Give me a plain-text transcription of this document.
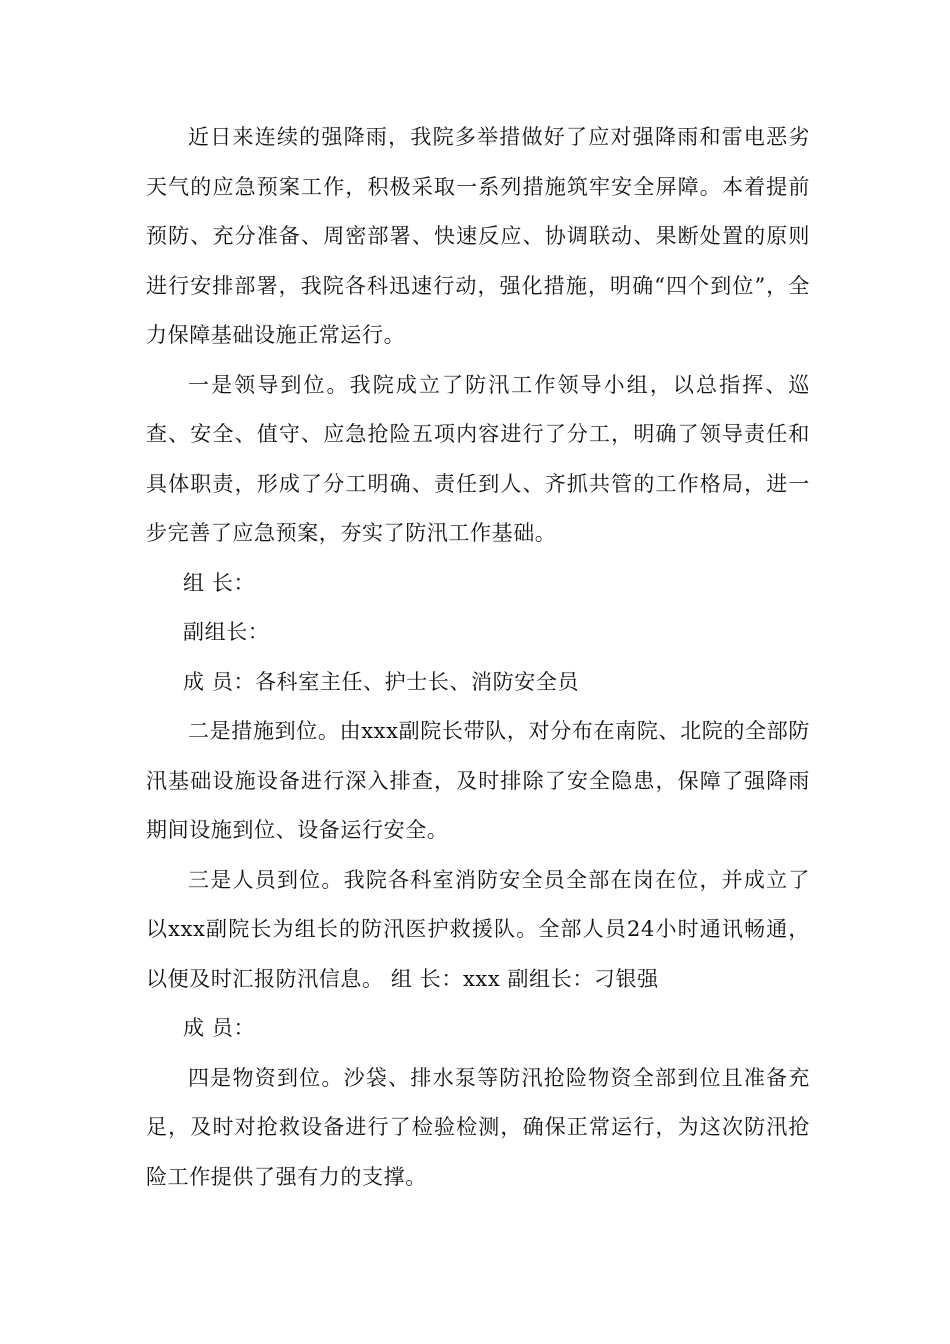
近日来连续的强降雨，我院多举措做好了应对强降雨和雷电恶劣天气的应急预案工作，积极采取一系列措施筑牢安全屏障。本着提前预防、充分准备、周密部署、快速反应、协调联动、果断处置的原则进行安排部署，我院各科迅速行动，强化措施，明确“四个到位”，全力保障基础设施正常运行。

一是领导到位。我院成立了防汛工作领导小组，以总指挥、巡查、安全、值守、应急抢险五项内容进行了分工，明确了领导责任和具体职责，形成了分工明确、责任到人、齐抓共管的工作格局，进一步完善了应急预案，夯实了防汛工作基础。

组 长：

副组长：

成 员：各科室主任、护士长、消防安全员

二是措施到位。由xxx副院长带队，对分布在南院、北院的全部防汛基础设施设备进行深入排查，及时排除了安全隐患，保障了强降雨期间设施到位、设备运行安全。

三是人员到位。我院各科室消防安全员全部在岗在位，并成立了以xxx副院长为组长的防汛医护救援队。全部人员24小时通讯畅通，以便及时汇报防汛信息。 组 长：xxx 副组长：刁银强

成 员：

四是物资到位。沙袋、排水泵等防汛抢险物资全部到位且准备充足，及时对抢救设备进行了检验检测，确保正常运行，为这次防汛抢险工作提供了强有力的支撑。
